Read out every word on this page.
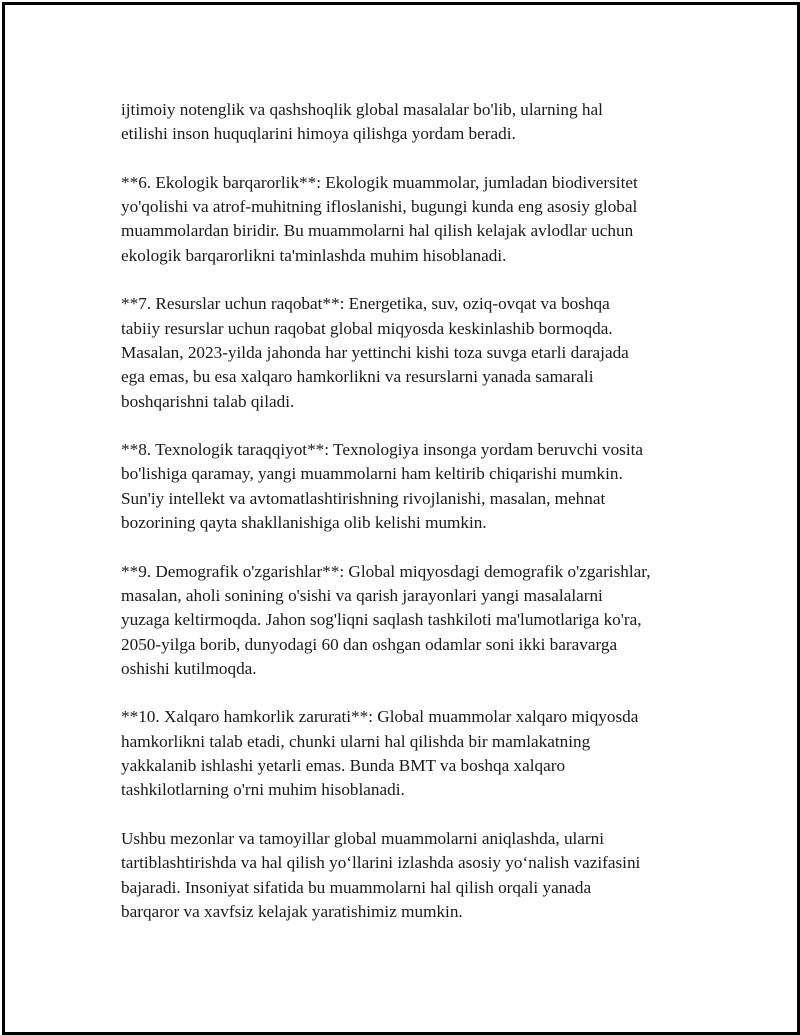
ijtimoiy notenglik va qashshoqlik global masalalar bo'lib, ularning hal
etilishi inson huquqlarini himoya qilishga yordam beradi.

**6. Ekologik barqarorlik**: Ekologik muammolar, jumladan biodiversitet
yo'qolishi va atrof-muhitning ifloslanishi, bugungi kunda eng asosiy global
muammolardan biridir. Bu muammolarni hal qilish kelajak avlodlar uchun
ekologik barqarorlikni ta'minlashda muhim hisoblanadi.

**7. Resurslar uchun raqobat**: Energetika, suv, oziq-ovqat va boshqa
tabiiy resurslar uchun raqobat global miqyosda keskinlashib bormoqda.
Masalan, 2023-yilda jahonda har yettinchi kishi toza suvga etarli darajada
ega emas, bu esa xalqaro hamkorlikni va resurslarni yanada samarali
boshqarishni talab qiladi.

**8. Texnologik taraqqiyot**: Texnologiya insonga yordam beruvchi vosita
bo'lishiga qaramay, yangi muammolarni ham keltirib chiqarishi mumkin.
Sun'iy intellekt va avtomatlashtirishning rivojlanishi, masalan, mehnat
bozorining qayta shakllanishiga olib kelishi mumkin.

**9. Demografik o'zgarishlar**: Global miqyosdagi demografik o'zgarishlar,
masalan, aholi sonining o'sishi va qarish jarayonlari yangi masalalarni
yuzaga keltirmoqda. Jahon sog'liqni saqlash tashkiloti ma'lumotlariga ko'ra,
2050-yilga borib, dunyodagi 60 dan oshgan odamlar soni ikki baravarga
oshishi kutilmoqda.

**10. Xalqaro hamkorlik zarurati**: Global muammolar xalqaro miqyosda
hamkorlikni talab etadi, chunki ularni hal qilishda bir mamlakatning
yakkalanib ishlashi yetarli emas. Bunda BMT va boshqa xalqaro
tashkilotlarning o'rni muhim hisoblanadi.

Ushbu mezonlar va tamoyillar global muammolarni aniqlashda, ularni
tartiblashtirishda va hal qilish yo‘llarini izlashda asosiy yo‘nalish vazifasini
bajaradi. Insoniyat sifatida bu muammolarni hal qilish orqali yanada
barqaror va xavfsiz kelajak yaratishimiz mumkin.
